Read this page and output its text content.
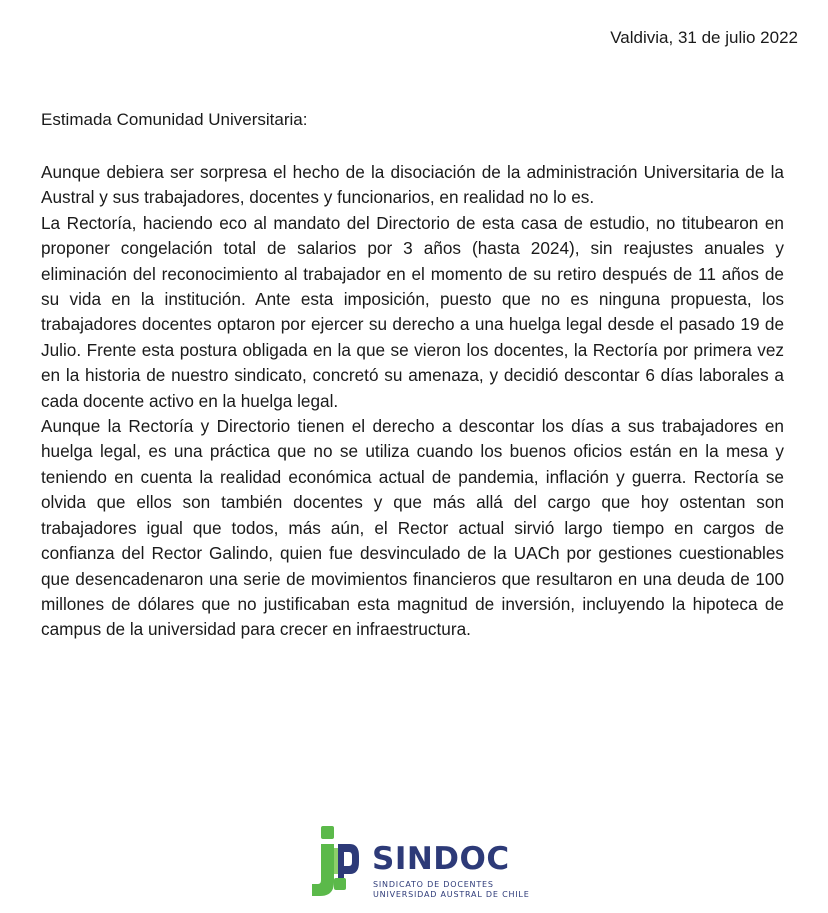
Valdivia, 31 de julio 2022
Estimada Comunidad Universitaria:

Aunque debiera ser sorpresa el hecho de la disociación de la administración Universitaria de la Austral y sus trabajadores, docentes y funcionarios, en realidad no lo es.

La Rectoría, haciendo eco al mandato del Directorio de esta casa de estudio, no titubearon en proponer congelación total de salarios por 3 años (hasta 2024), sin reajustes anuales y eliminación del reconocimiento al trabajador en el momento de su retiro después de 11 años de su vida en la institución. Ante esta imposición, puesto que no es ninguna propuesta, los trabajadores docentes optaron por ejercer su derecho a una huelga legal desde el pasado 19 de Julio. Frente esta postura obligada en la que se vieron los docentes, la Rectoría por primera vez en la historia de nuestro sindicato, concretó su amenaza, y decidió descontar 6 días laborales a cada docente activo en la huelga legal.

Aunque la Rectoría y Directorio tienen el derecho a descontar los días a sus trabajadores en huelga legal, es una práctica que no se utiliza cuando los buenos oficios están en la mesa y teniendo en cuenta la realidad económica actual de pandemia, inflación y guerra. Rectoría se olvida que ellos son también docentes y que más allá del cargo que hoy ostentan son trabajadores igual que todos, más aún, el Rector actual sirvió largo tiempo en cargos de confianza del Rector Galindo, quien fue desvinculado de la UACh por gestiones cuestionables que desencadenaron una serie de movimientos financieros que resultaron en una deuda de 100 millones de dólares que no justificaban esta magnitud de inversión, incluyendo la hipoteca de campus de la universidad para crecer en infraestructura.

SINDOC
SINDICATO DE DOCENTES
UNIVERSIDAD AUSTRAL DE CHILE
